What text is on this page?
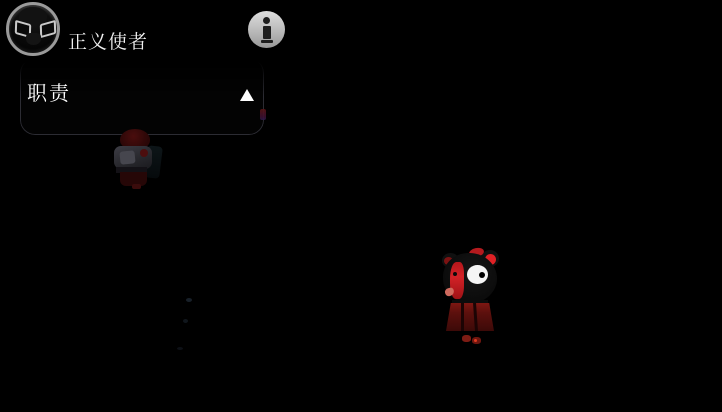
正义使者
职责
